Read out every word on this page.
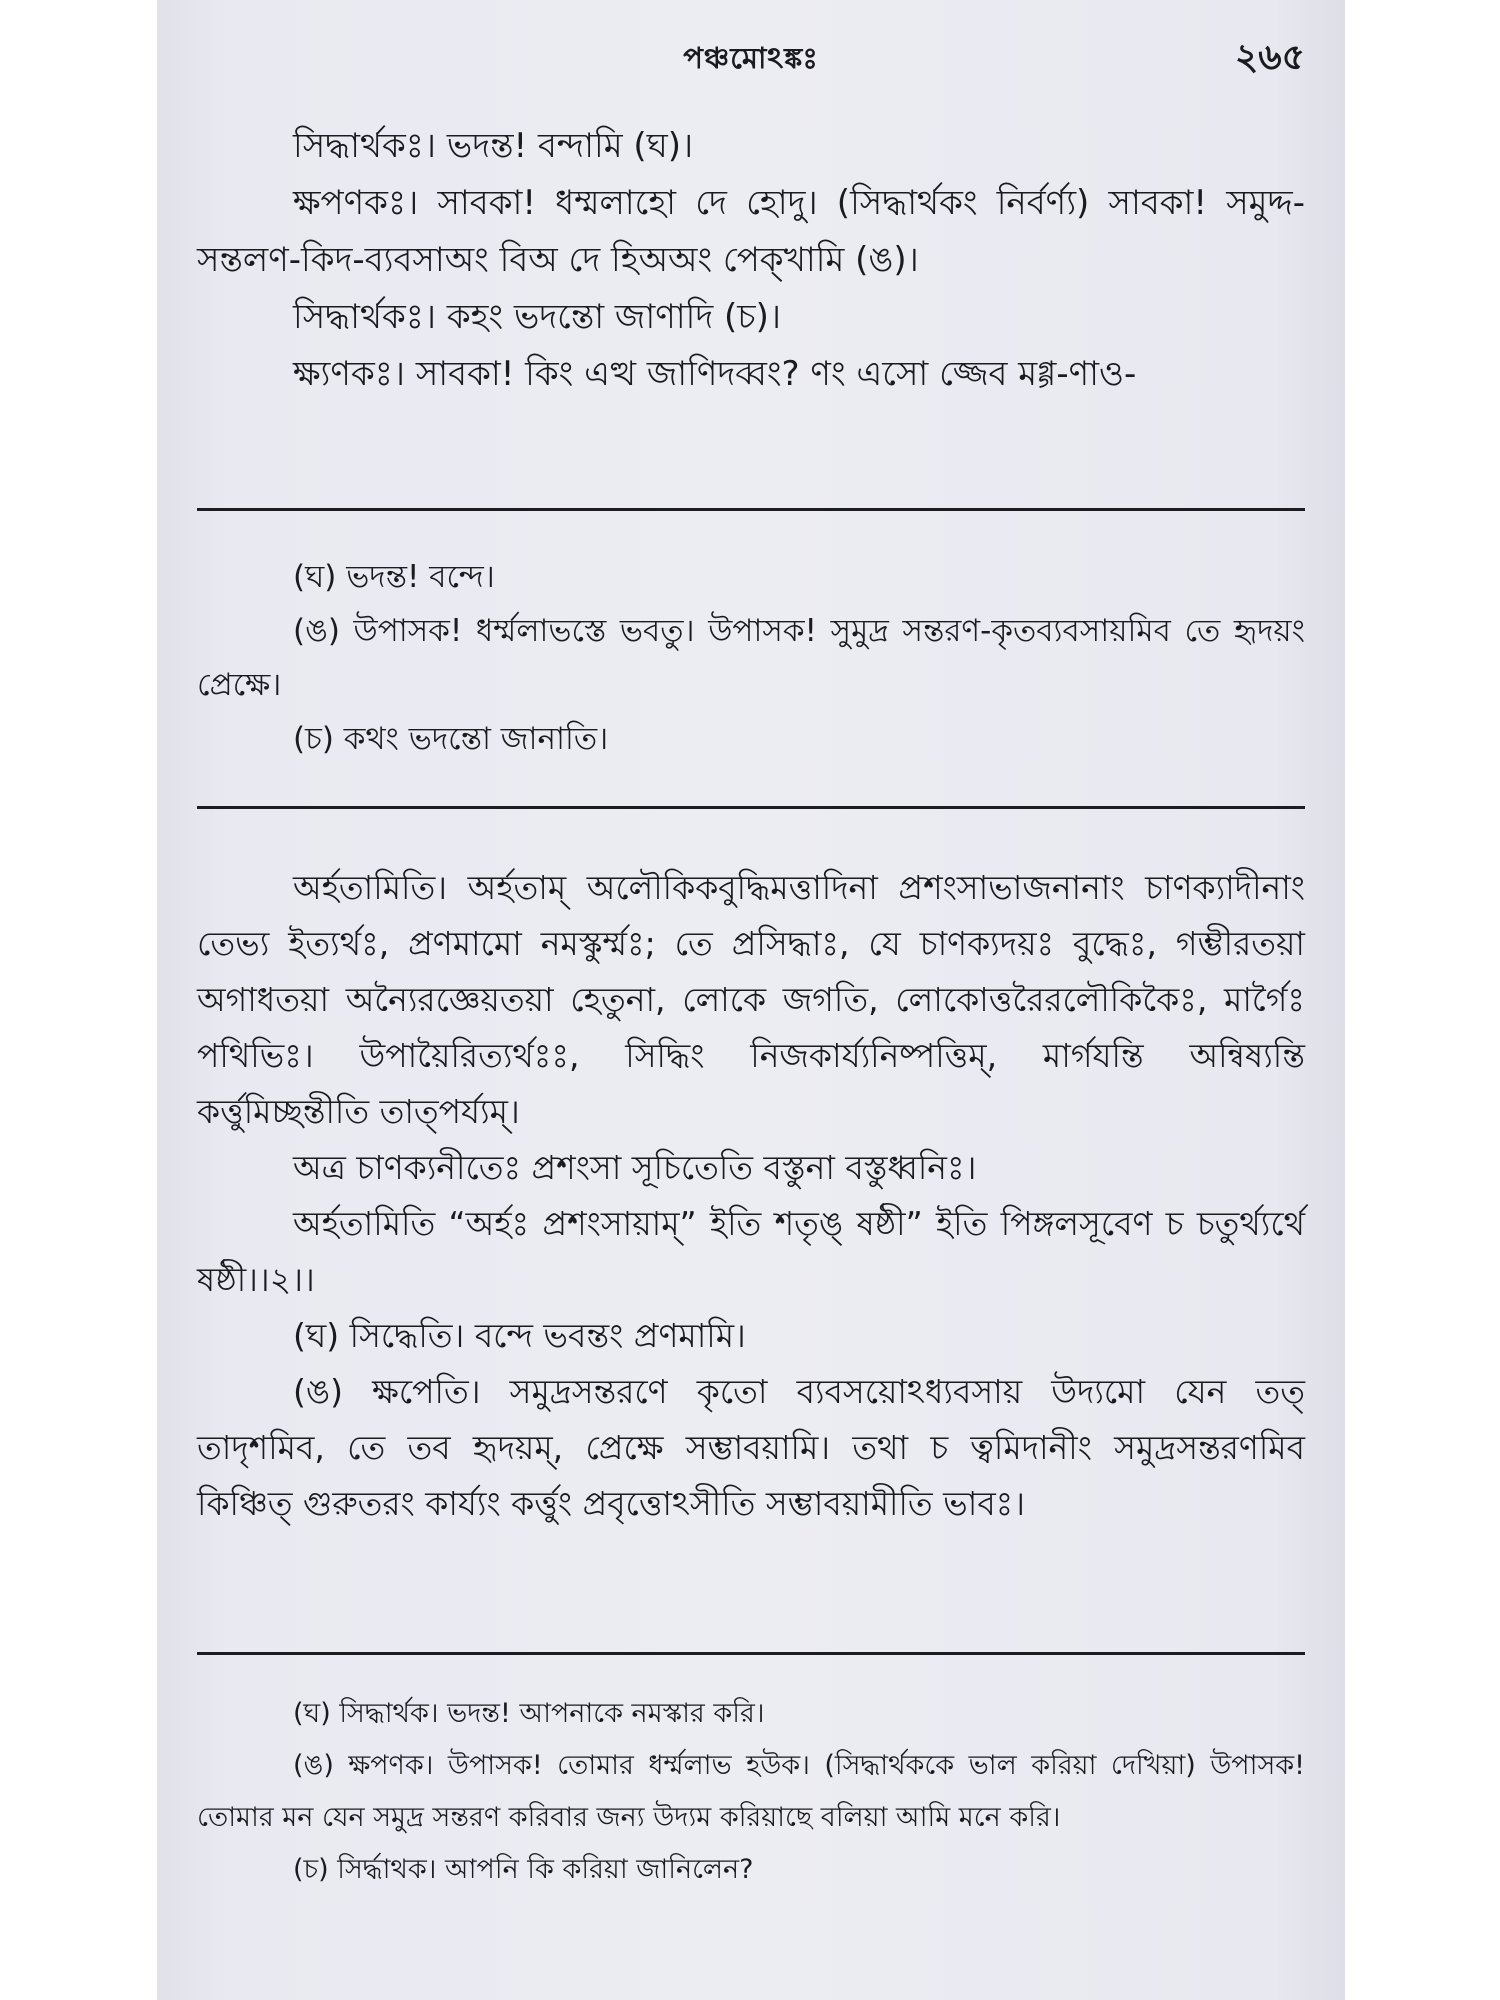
পঞ্চমোঽঙ্কঃ	২৬৫

সিদ্ধার্থকঃ। ভদন্ত! বন্দামি (ঘ)।

ক্ষপণকঃ। সাবকা! ধম্মলাহো দে হোদু। (সিদ্ধার্থকং নির্বর্ণ্য) সাবকা! সমুদ্দ-সন্তলণ-কিদ-ব্যবসাঅং বিঅ দে হিঅঅং পেক্খামি (ঙ)।

সিদ্ধার্থকঃ। কহং ভদন্তো জাণাদি (চ)।

ক্ষ্যণকঃ। সাবকা! কিং এত্থ জাণিদব্বং? ণং এসো জ্জেব মগ্গ-ণাও-

(ঘ) ভদন্ত! বন্দে।

(ঙ) উপাসক! ধর্ম্মলাভস্তে ভবতু। উপাসক! সুমুদ্র সন্তরণ-কৃতব্যবসায়মিব তে হৃদয়ং প্রেক্ষে।

(চ) কথং ভদন্তো জানাতি।

অর্হতামিতি। অর্হতাম্ অলৌকিকবুদ্ধিমত্তাদিনা প্রশংসাভাজনানাং চাণক্যাদীনাং তেভ্য ইত্যর্থঃ, প্রণমামো নমস্কুর্ম্মঃ; তে প্রসিদ্ধাঃ, যে চাণক্যদয়ঃ বুদ্ধেঃ, গম্ভীরতয়া অগাধতয়া অন্যৈরজ্ঞেয়তয়া হেতুনা, লোকে জগতি, লোকোত্তরৈরলৌকিকৈঃ, মার্গৈঃ পথিভিঃ। উপায়ৈরিত্যর্থঃঃ, সিদ্ধিং নিজকার্য্যনিষ্পত্তিম্, মার্গযন্তি অন্বিষ্যন্তি কর্ত্তুমিচ্ছন্তীতি তাত্পর্য্যম্।

অত্র চাণক্যনীতেঃ প্রশংসা সূচিতেতি বস্তুনা বস্তুধ্বনিঃ।

অর্হতামিতি “অর্হঃ প্রশংসায়াম্” ইতি শতৃঙ্ ষষ্ঠী” ইতি পিঙ্গলসূবেণ চ চতুর্থ্যর্থে ষষ্ঠী।।২।।

(ঘ) সিদ্ধেতি। বন্দে ভবন্তং প্রণমামি।

(ঙ) ক্ষপেতি। সমুদ্রসন্তরণে কৃতো ব্যবসয়োঽধ্যবসায় উদ্যমো যেন তত্ তাদৃশমিব, তে তব হৃদয়ম্, প্রেক্ষে সম্ভাবয়ামি। তথা চ ত্বমিদানীং সমুদ্রসন্তরণমিব কিঞ্চিত্ গুরুতরং কার্য্যং কর্ত্তুং প্রবৃত্তোঽসীতি সম্ভাবয়ামীতি ভাবঃ।

(ঘ) সিদ্ধার্থক। ভদন্ত! আপনাকে নমস্কার করি।

(ঙ) ক্ষপণক। উপাসক! তোমার ধর্ম্মলাভ হউক। (সিদ্ধার্থককে ভাল করিয়া দেখিয়া) উপাসক! তোমার মন যেন সমুদ্র সন্তরণ করিবার জন্য উদ্যম করিয়াছে বলিয়া আমি মনে করি।

(চ) সির্দ্ধাথক। আপনি কি করিয়া জানিলেন?
